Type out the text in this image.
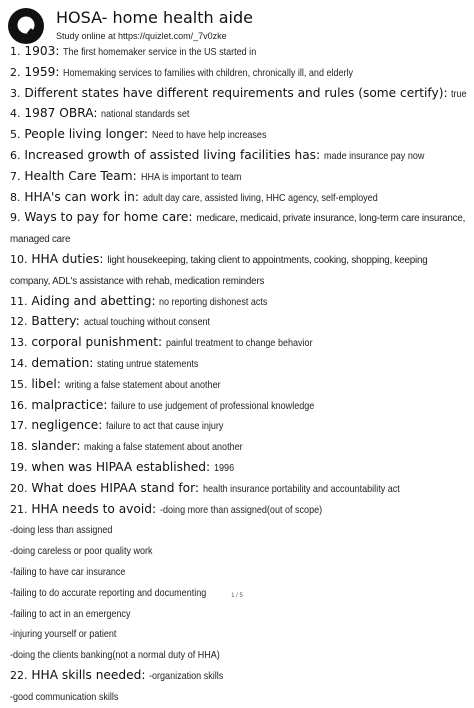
HOSA- home health aide
Study online at https://quizlet.com/_7v0zke
1. 1903: The first homemaker service in the US started in
2. 1959: Homemaking services to families with children, chronically ill, and elderly
3. Different states have different requirements and rules (some certify): true
4. 1987 OBRA: national standards set
5. People living longer: Need to have help increases
6. Increased growth of assisted living facilities has: made insurance pay now
7. Health Care Team: HHA is important to team
8. HHA's can work in: adult day care, assisted living, HHC agency, self-employed
9. Ways to pay for home care: medicare, medicaid, private insurance, long-term care insurance, managed care
10. HHA duties: light housekeeping, taking client to appointments, cooking, shopping, keeping company, ADL's assistance with rehab, medication reminders
11. Aiding and abetting: no reporting dishonest acts
12. Battery: actual touching without consent
13. corporal punishment: painful treatment to change behavior
14. demation: stating untrue statements
15. libel: writing a false statement about another
16. malpractice: failure to use judgement of professional knowledge
17. negligence: failure to act that cause injury
18. slander: making a false statement about another
19. when was HIPAA established: 1996
20. What does HIPAA stand for: health insurance portability and accountability act
21. HHA needs to avoid: -doing more than assigned(out of scope)
-doing less than assigned
-doing careless or poor quality work
-failing to have car insurance
-failing to do accurate reporting and documenting
-failing to act in an emergency
-injuring yourself or patient
-doing the clients banking(not a normal duty of HHA)
22. HHA skills needed: -organization skills
-good communication skills
1 / 5
